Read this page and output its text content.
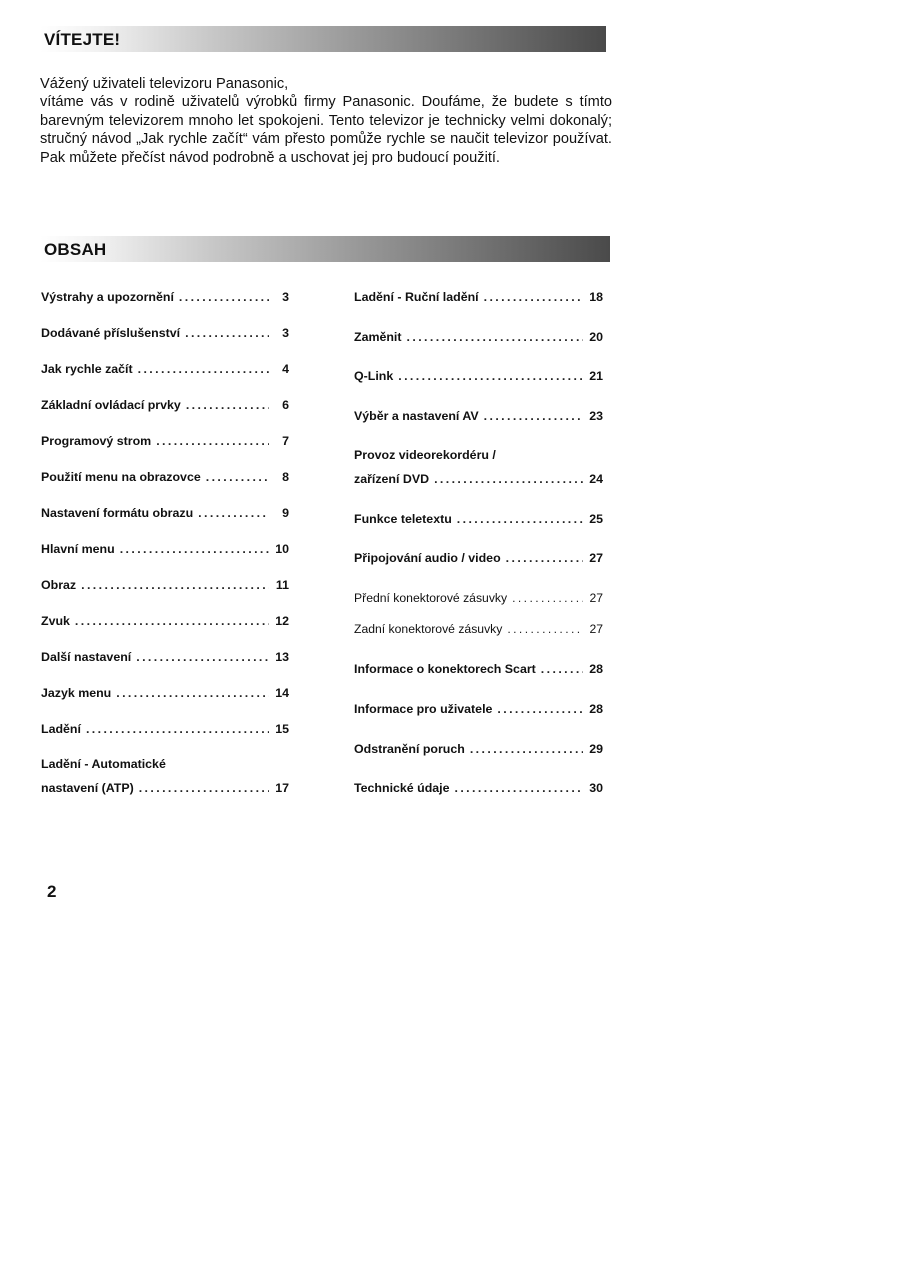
VÍTEJTE!
Vážený uživateli televizoru Panasonic,
vítáme vás v rodině uživatelů výrobků firmy Panasonic. Doufáme, že budete s tímto barevným televizorem mnoho let spokojeni. Tento televizor je technicky velmi dokonalý; stručný návod „Jak rychle začít“ vám přesto pomůže rychle se naučit televizor používat. Pak můžete přečíst návod podrobně a uschovat jej pro budoucí použití.
OBSAH
Výstrahy a upozornění .....	3
Dodávané příslušenství .....	3
Jak rychle začít .....	4
Základní ovládací prvky .....	6
Programový strom .....	7
Použití menu na obrazovce .....	8
Nastavení formátu obrazu .....	9
Hlavní menu .....	10
Obraz .....	11
Zvuk .....	12
Další nastavení .....	13
Jazyk menu .....	14
Ladění .....	15
Ladění - Automatické
nastavení (ATP) .....	17
Ladění - Ruční ladění .....	18
Zaměnit .....	20
Q-Link .....	21
Výběr a nastavení AV .....	23
Provoz videorekordéru /
zařízení DVD .....	24
Funkce teletextu .....	25
Připojování audio / video .....	27
Přední konektorové zásuvky .....	27
Zadní konektorové zásuvky .....	27
Informace o konektorech Scart .....	28
Informace pro uživatele .....	28
Odstranění poruch .....	29
Technické údaje .....	30
2
